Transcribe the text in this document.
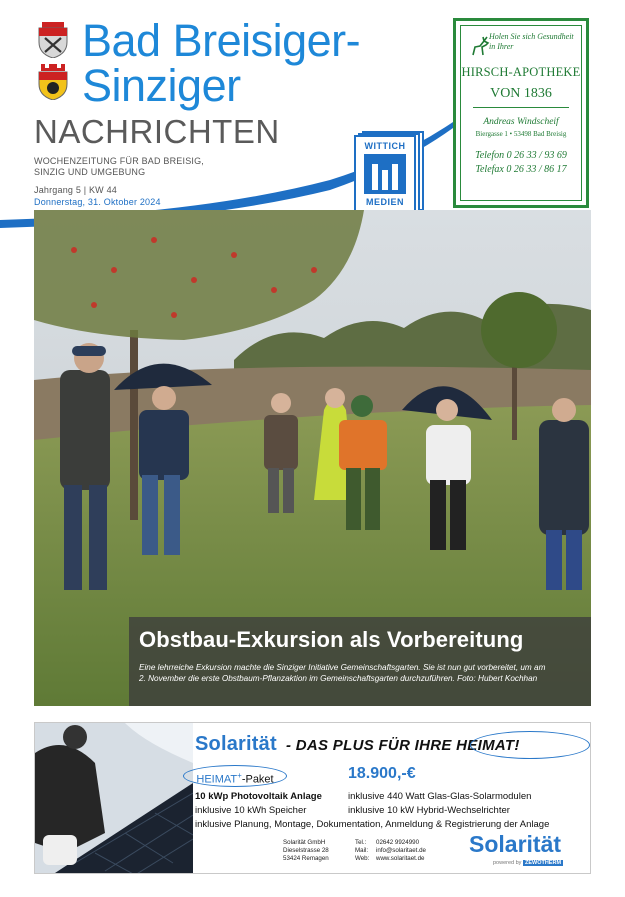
Bad Breisiger-
Sinziger
NACHRICHTEN
WOCHENZEITUNG FÜR BAD BREISIG,
SINZIG UND UMGEBUNG
Jahrgang 5 | KW 44
Donnerstag, 31. Oktober 2024
WITTICH
MEDIEN
Holen Sie sich Gesundheit in Ihrer
HIRSCH-APOTHEKE
VON 1836
Andreas Windscheif
Biergasse 1 • 53498 Bad Breisig
Telefon 0 26 33 / 93 69
Telefax 0 26 33 / 86 17
Obstbau-Exkursion als Vorbereitung
Eine lehrreiche Exkursion machte die Sinziger Initiative Gemeinschaftsgarten. Sie ist nun gut vorbereitet, um am
2. November die erste Obstbaum-Pflanzaktion im Gemeinschaftsgarten durchzuführen. Foto: Hubert Kochhan
Solarität - DAS PLUS FÜR IHRE HEIMAT!
HEIMAT+-Paket	18.900,-€
10 kWp Photovoltaik Anlage
inklusive 10 kWh Speicher
inklusive 440 Watt Glas-Glas-Solarmodulen
inklusive 10 kW Hybrid-Wechselrichter
inklusive Planung, Montage, Dokumentation, Anmeldung & Registrierung der Anlage
Solarität GmbH
Dieselstrasse 28
53424 Remagen
Tel.:
Mail:
Web:
02642 9924990
info@solaritaet.de
www.solaritaet.de
Solarität
powered by ZEWOTHERM
